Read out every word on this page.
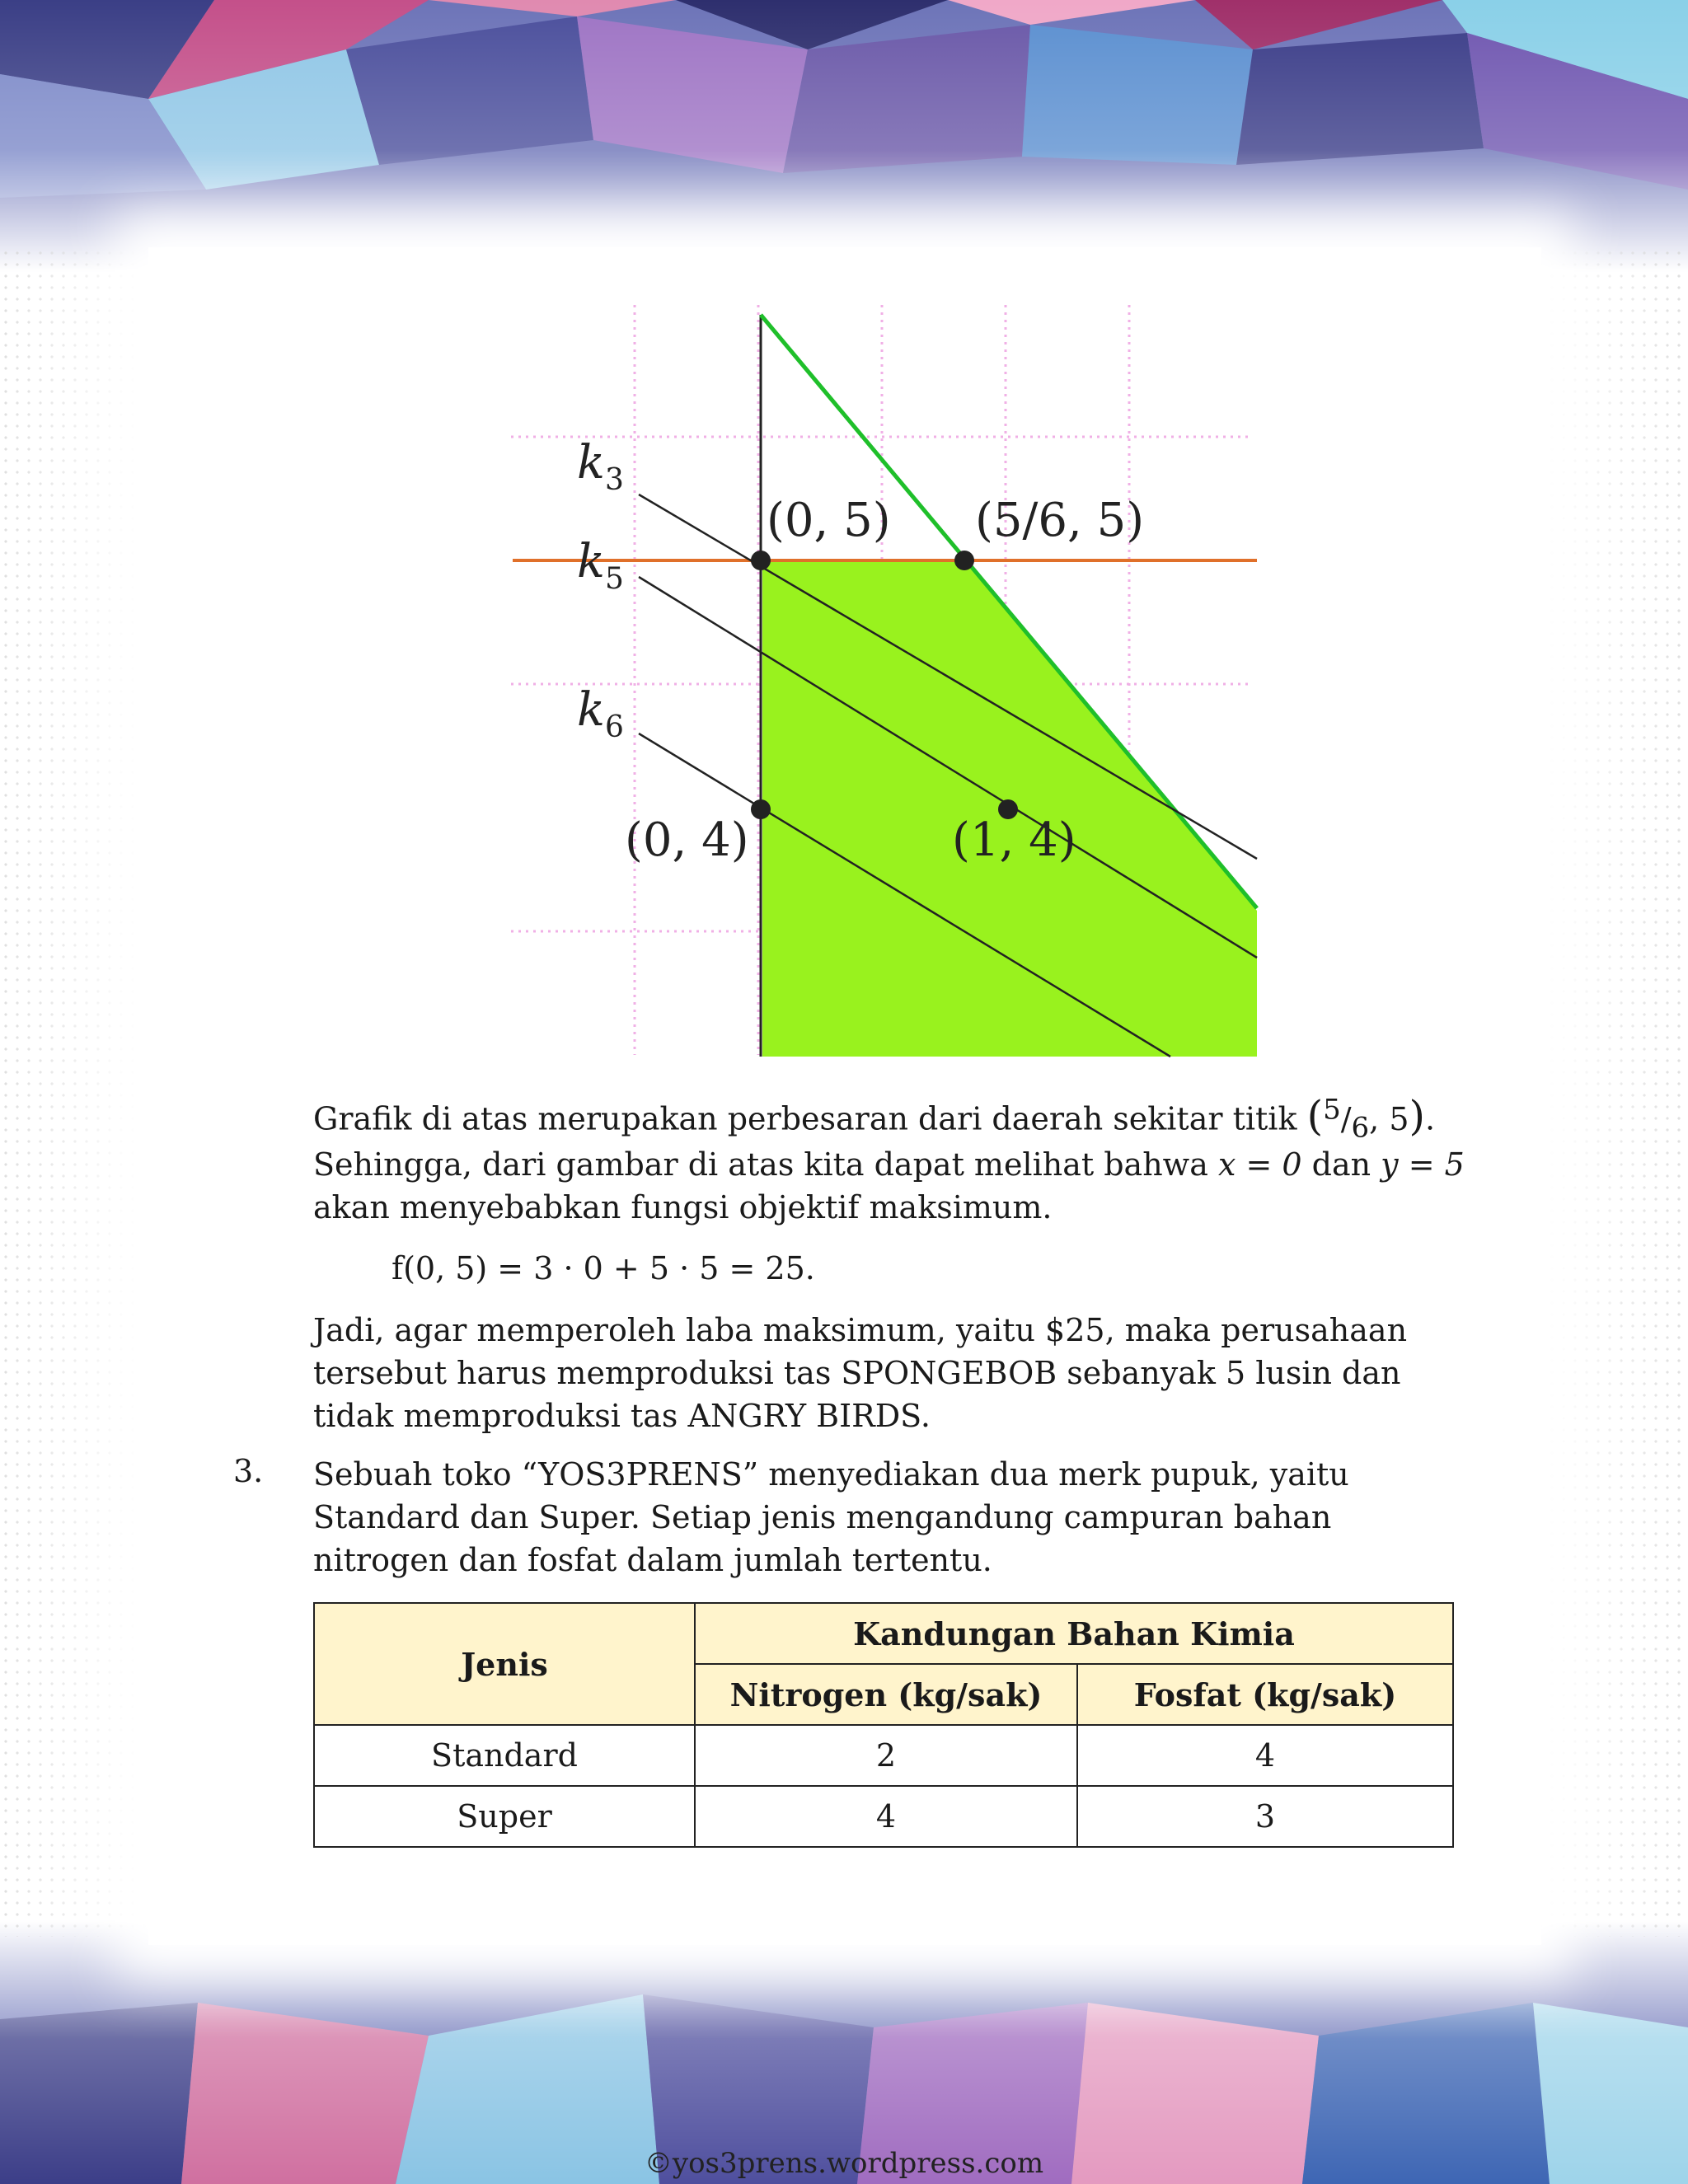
(0, 5) (5/6, 5)
(0, 4)	(1, 4)
$k_3$
$k_5$
$k_6$

Grafik di atas merupakan perbesaran dari daerah sekitar titik ($^5/_6$, 5).

Sehingga, dari gambar di atas kita dapat melihat bahwa x = 0 dan y = 5 akan menyebabkan fungsi objektif maksimum.

f(0, 5) = 3 · 0 + 5 · 5 = 25.

Jadi, agar memperoleh laba maksimum, yaitu $25, maka perusahaan tersebut harus memproduksi tas SPONGEBOB sebanyak 5 lusin dan tidak memproduksi tas ANGRY BIRDS.

3. Sebuah toko “YOS3PRENS” menyediakan dua merk pupuk, yaitu Standard dan Super. Setiap jenis mengandung campuran bahan nitrogen dan fosfat dalam jumlah tertentu.

Jenis	Kandungan Bahan Kimia	
	Nitrogen (kg/sak)	Fosfat (kg/sak)
Standard	2	4
Super	4	3
©yos3prens.wordpress.com
